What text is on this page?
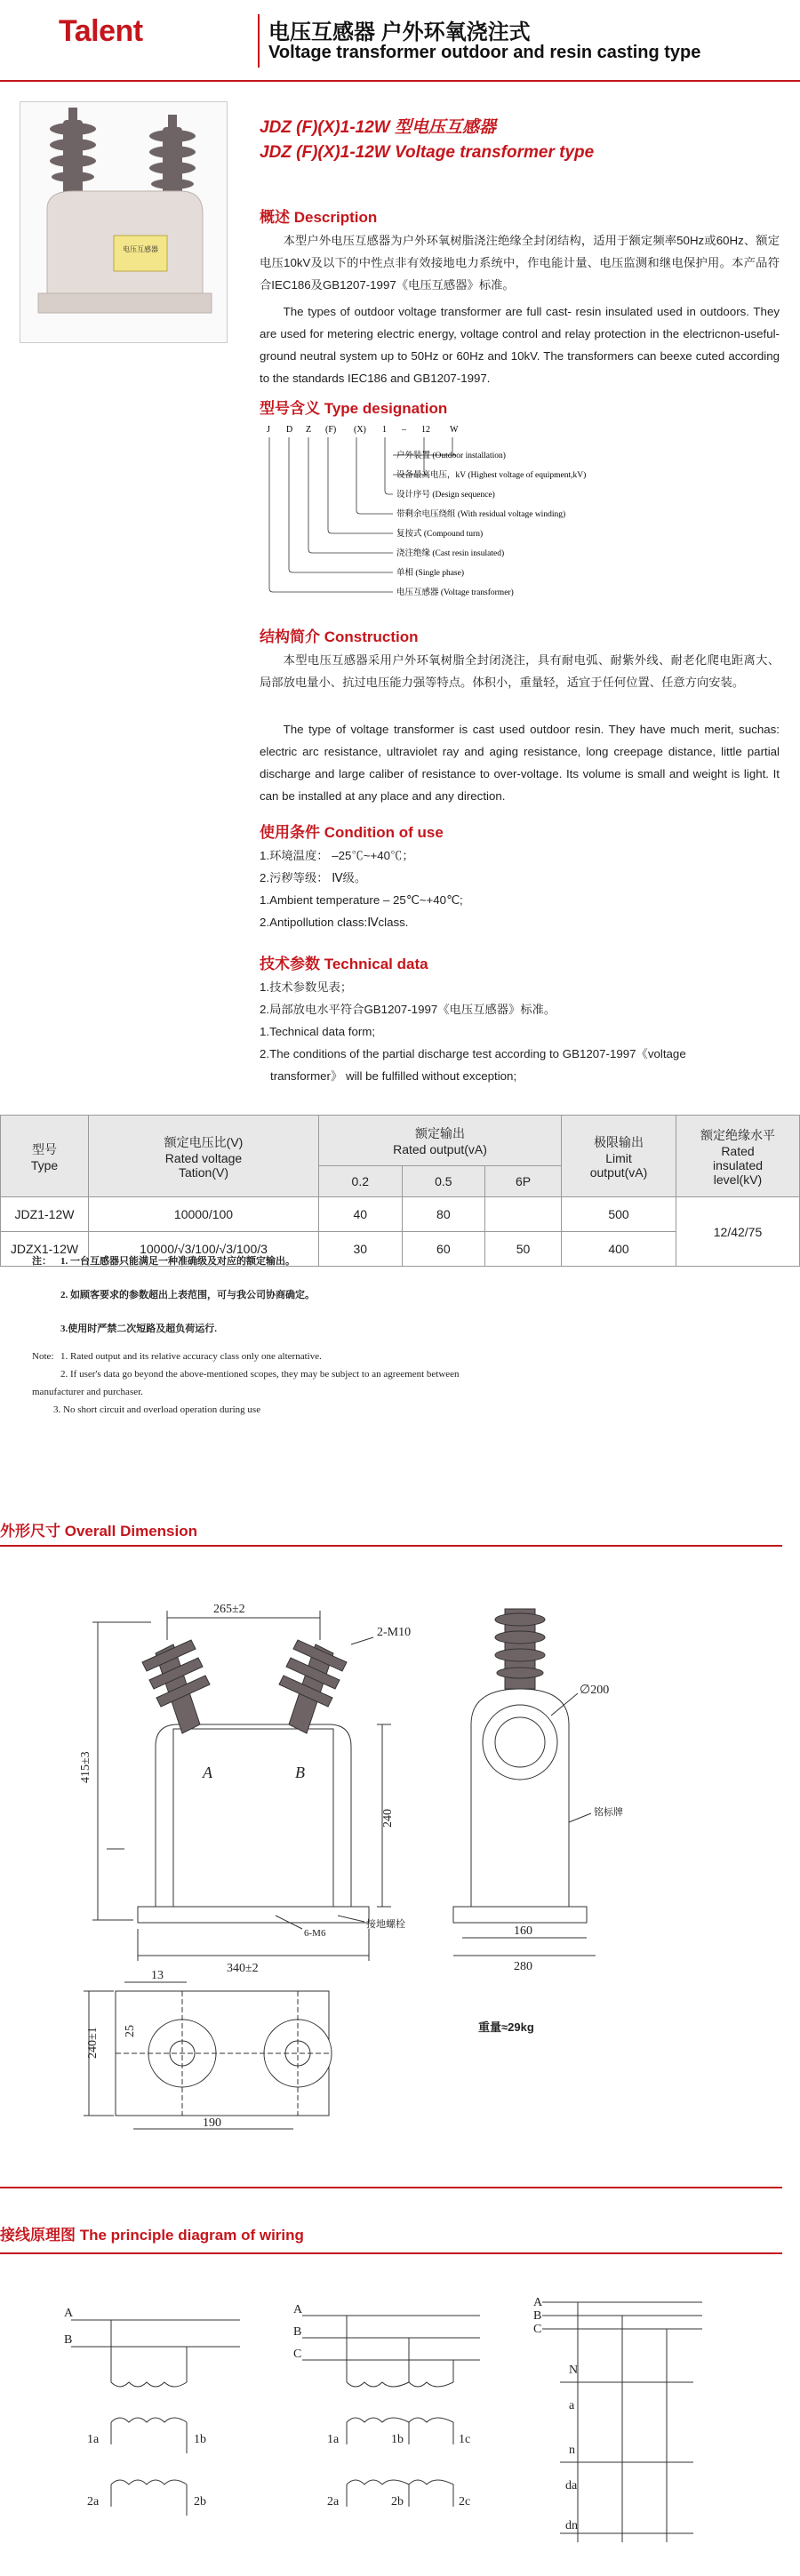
Talent	电压互感器 户外环氧浇注式
Voltage transformer outdoor and resin casting type
电压互感器
JDZ (F)(X)1-12W 型电压互感器
JDZ (F)(X)1-12W Voltage transformer type
概述 Description
本型户外电压互感器为户外环氧树脂浇注绝缘全封闭结构，适用于额定频率50Hz或60Hz、额定电压10kV及以下的中性点非有效接地电力系统中，作电能计量、电压监测和继电保护用。本产品符合IEC186及GB1207-1997《电压互感器》标准。
The types of outdoor voltage transformer are full cast- resin insulated used in outdoors. They are used for metering electric energy, voltage control and relay protection in the electricnon-useful-ground neutral system up to 50Hz or 60Hz and 10kV. The transformers can beexe cuted according to the standards IEC186 and GB1207-1997.
型号含义 Type designation
J D Z (F) (X) 1 – 12 W
户外装置 (Outdoor installation)
设备最高电压，kV (Highest voltage of equipment,kV)
设计序号 (Design sequence)
带剩余电压绕组 (With residual voltage winding)
复按式 (Compound turn)
浇注绝缘 (Cast resin insulated)
单相 (Single phase)
电压互感器 (Voltage transformer)
结构简介 Construction
本型电压互感器采用户外环氧树脂全封闭浇注，具有耐电弧、耐紫外线、耐老化爬电距离大、局部放电量小、抗过电压能力强等特点。体积小，重量轻，适宜于任何位置、任意方向安装。
The type of voltage transformer is cast used outdoor resin. They have much merit, suchas: electric arc resistance, ultraviolet ray and aging resistance, long creepage distance, little partial discharge and large caliber of resistance to over-voltage. Its volume is small and weight is light. It can be installed at any place and any direction.
使用条件 Condition of use
1.环境温度： –25℃~+40℃；
2.污秽等级： Ⅳ级。
1.Ambient temperature – 25℃~+40℃;
2.Antipollution class:Ⅳclass.
技术参数 Technical data
1.技术参数见表；
2.局部放电水平符合GB1207-1997《电压互感器》标准。
1.Technical data form;
2.The conditions of the partial discharge test according to GB1207-1997《voltage
transformer》 will be fulfilled without exception;
型号
Type	额定电压比(V)
Rated voltage
Tation(V)	额定输出
Rated output(vA)			极限输出
Limit
output(vA)	额定绝缘水平
Rated
insulated
level(kV)
		0.2	0.5	6P		
JDZ1-12W	10000/100	40	80		500	12/42/75
JDZX1-12W	10000/√3/100/√3/100/3	30	60	50	400	
注： 1. 一台互感器只能满足一种准确级及对应的额定输出。
2. 如顾客要求的参数超出上表范围，可与我公司协商确定。
3.使用时严禁二次短路及超负荷运行.
Note: 1. Rated output and its relative accuracy class only one alternative.
2. If user's data go beyond the above-mentioned scopes, they may be subject to an agreement between
manufacturer and purchaser.
3. No short circuit and overload operation during use
外形尺寸 Overall Dimension
265±2
2-M10
415±3
240
340±2
6-M6
接地螺栓
A	B
∅200
铭标牌
160
280
13
25
240±1
190
重量≈29kg
接线原理图 The principle diagram of wiring
A
B
1a	1b
2a	2b
A
B
C
1a	1b	1c
2a	2b	2c
A
B
C
N
a
n
da
dn
